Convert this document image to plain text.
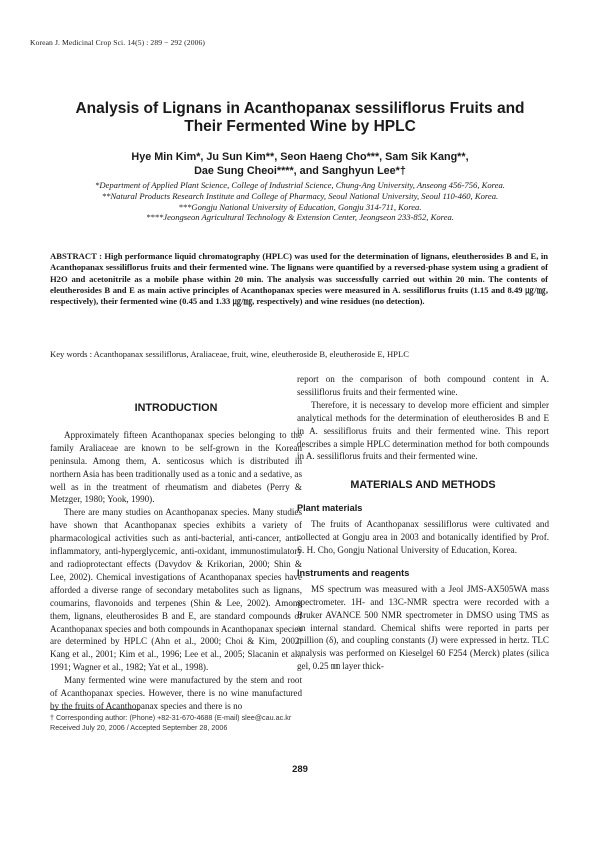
Korean J. Medicinal Crop Sci. 14(5) : 289 − 292 (2006)
Analysis of Lignans in Acanthopanax sessiliflorus Fruits and
Their Fermented Wine by HPLC
Hye Min Kim*, Ju Sun Kim**, Seon Haeng Cho***, Sam Sik Kang**,
Dae Sung Cheoi****, and Sanghyun Lee*†
*Department of Applied Plant Science, College of Industrial Science, Chung-Ang University, Anseong 456-756, Korea.
**Natural Products Research Institute and College of Pharmacy, Seoul National University, Seoul 110-460, Korea.
***Gongju National University of Education, Gongju 314-711, Korea.
****Jeongseon Agricultural Technology & Extension Center, Jeongseon 233-852, Korea.
ABSTRACT : High performance liquid chromatography (HPLC) was used for the determination of lignans, eleutherosides B and E, in Acanthopanax sessiliflorus fruits and their fermented wine. The lignans were quantified by a reversed-phase system using a gradient of H2O and acetonitrile as a mobile phase within 20 min. The analysis was successfully carried out within 20 min. The contents of eleutherosides B and E as main active principles of Acanthopanax species were measured in A. sessiliflorus fruits (1.15 and 8.49 ㎍/㎎, respectively), their fermented wine (0.45 and 1.33 ㎍/㎎, respectively) and wine residues (no detection).
Key words : Acanthopanax sessiliflorus, Araliaceae, fruit, wine, eleutheroside B, eleutheroside E, HPLC

INTRODUCTION

Approximately fifteen Acanthopanax species belonging to the family Araliaceae are known to be self-grown in the Korean peninsula. Among them, A. senticosus which is distributed in northern Asia has been traditionally used as a tonic and a sedative, as well as in the treatment of rheumatism and diabetes (Perry & Metzger, 1980; Yook, 1990).

There are many studies on Acanthopanax species. Many studies have shown that Acanthopanax species exhibits a variety of pharmacological activities such as anti-bacterial, anti-cancer, anti-inflammatory, anti-hyperglycemic, anti-oxidant, immunostimulatory and radioprotectant effects (Davydov & Krikorian, 2000; Shin & Lee, 2002). Chemical investigations of Acanthopanax species have afforded a diverse range of secondary metabolites such as lignans, coumarins, flavonoids and terpenes (Shin & Lee, 2002). Among them, lignans, eleutherosides B and E, are standard compounds of Acanthopanax species and both compounds in Acanthopanax species are determined by HPLC (Ahn et al., 2000; Choi & Kim, 2002; Kang et al., 2001; Kim et al., 1996; Lee et al., 2005; Slacanin et al., 1991; Wagner et al., 1982; Yat et al., 1998).

Many fermented wine were manufactured by the stem and root of Acanthopanax species. However, there is no wine manufactured by the fruits of Acanthopanax species and there is no

report on the comparison of both compound content in A. sessiliflorus fruits and their fermented wine.

Therefore, it is necessary to develop more efficient and simpler analytical methods for the determination of eleutherosides B and E in A. sessiliflorus fruits and their fermented wine. This report describes a simple HPLC determination method for both compounds in A. sessiliflorus fruits and their fermented wine.

MATERIALS AND METHODS

Plant materials

The fruits of Acanthopanax sessiliflorus were cultivated and collected at Gongju area in 2003 and botanically identified by Prof. S. H. Cho, Gongju National University of Education, Korea.

Instruments and reagents

MS spectrum was measured with a Jeol JMS-AX505WA mass spectrometer. 1H- and 13C-NMR spectra were recorded with a Bruker AVANCE 500 NMR spectrometer in DMSO using TMS as an internal standard. Chemical shifts were reported in parts per million (δ), and coupling constants (J) were expressed in hertz. TLC analysis was performed on Kieselgel 60 F254 (Merck) plates (silica gel, 0.25 ㎜ layer thick-

† Corresponding author: (Phone) +82-31-670-4688 (E-mail) slee@cau.ac.kr
Received July 20, 2006 / Accepted September 28, 2006
289
